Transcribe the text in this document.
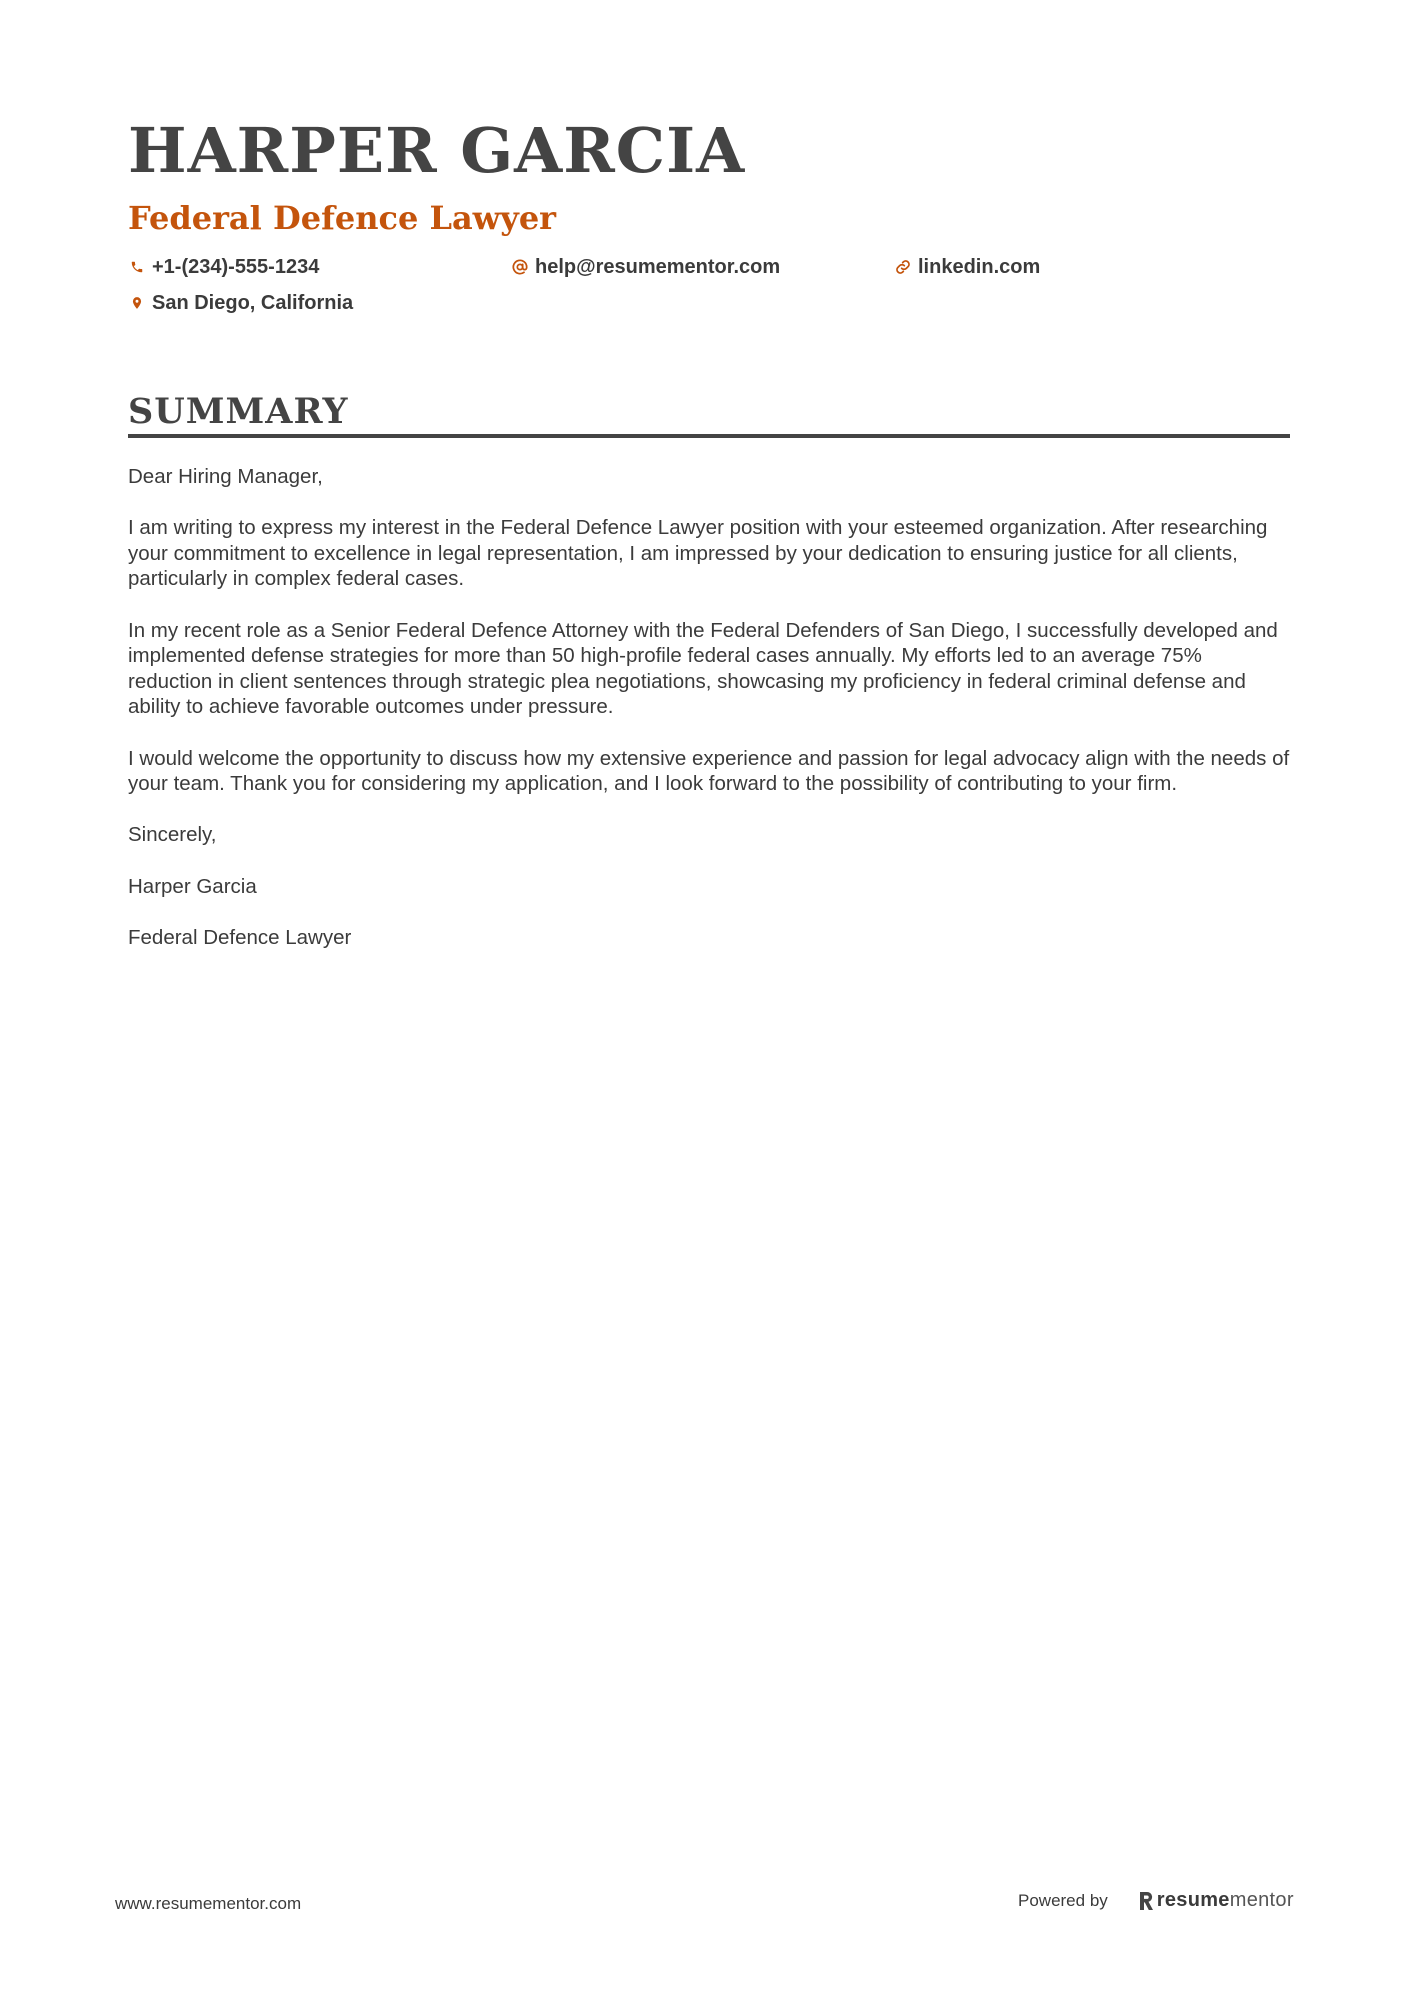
HARPER GARCIA
Federal Defence Lawyer
+1-(234)-555-1234	help@resumementor.com	linkedin.com
San Diego, California
SUMMARY

Dear Hiring Manager,

I am writing to express my interest in the Federal Defence Lawyer position with your esteemed organization. After researching your commitment to excellence in legal representation, I am impressed by your dedication to ensuring justice for all clients, particularly in complex federal cases.

In my recent role as a Senior Federal Defence Attorney with the Federal Defenders of San Diego, I successfully developed and implemented defense strategies for more than 50 high-profile federal cases annually. My efforts led to an average 75% reduction in client sentences through strategic plea negotiations, showcasing my proficiency in federal criminal defense and ability to achieve favorable outcomes under pressure.

I would welcome the opportunity to discuss how my extensive experience and passion for legal advocacy align with the needs of your team. Thank you for considering my application, and I look forward to the possibility of contributing to your firm.

Sincerely,

Harper Garcia

Federal Defence Lawyer

www.resumementor.com	Powered by resume mentor
